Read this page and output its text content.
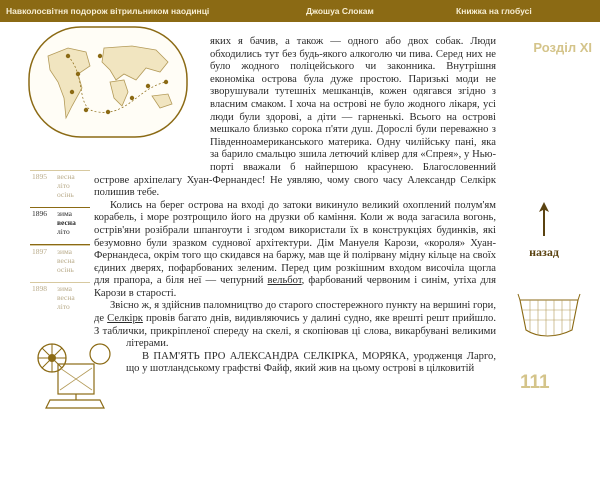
Навколосвітня подорож вітрильником наодинці	Джошуа Слокам	Книжка на глобусі
Розділ XI
1895 весна
літо
осінь
1896 зима
весна
літо
1897 зима
весна
осінь
1898 зима
весна
літо
назад

яких я бачив, а також — одного або двох собак. Люди обходились тут без будь-якого алкоголю чи пива. Серед них не було жодного поліцейського чи законника. Внутрішня економіка острова була дуже простою. Паризькі моди не зворушували тутешніх мешканців, кожен одягався згідно з власним смаком. І хоча на острові не було жодного лікаря, усі люди були здорові, а діти — гарненькі. Всього на острові мешкало близько сорока п'яти душ. Дорослі були переважно з Південноамериканського материка. Одну чилійську пані, яка за барило смальцю зшила летючий клівер для «Спрея», у Ньюпорті вважали б найпершою красунею. Благословенний острове архіпелагу Хуан-Фернандес! Не уявляю, чому свого часу Александр Селкірк полишив тебе.

Колись на берег острова на вході до затоки викинуло великий охоплений полум'ям корабель, і море розтрощило його на друзки об каміння. Коли ж вода загасила вогонь, острів'яни розібрали шпангоути і згодом використали їх в конструкціях будинків, які безумовно були зразком суднової архітектури. Дім Мануеля Карози, «короля» Хуан-Фернандеса, окрім того що скидався на баржу, мав ще й полірвану мідну кільце на своїх єдиних дверях, пофарбованих зеленим. Перед цим розкішним входом височіла щогла для прапора, а біля неї — чепурний вельбот, фарбований червоним і синім, утіха для Карози в старості.

Звісно ж, я здійснив паломництво до старого спостережного пункту на вершині гори, де Селкірк провів багато днів, видивляючись у далині судно, яке врешті решт прийшло. З таблички, прикріпленої спереду на скелі, я скопіював ці слова, викарбувані великими літерами.

В ПАМ'ЯТЬ ПРО АЛЕКСАНДРА СЕЛКІРКА, МОРЯКА, уродженця Ларго, що у шотландському графстві Файф, який жив на цьому острові в цілковитій

111
